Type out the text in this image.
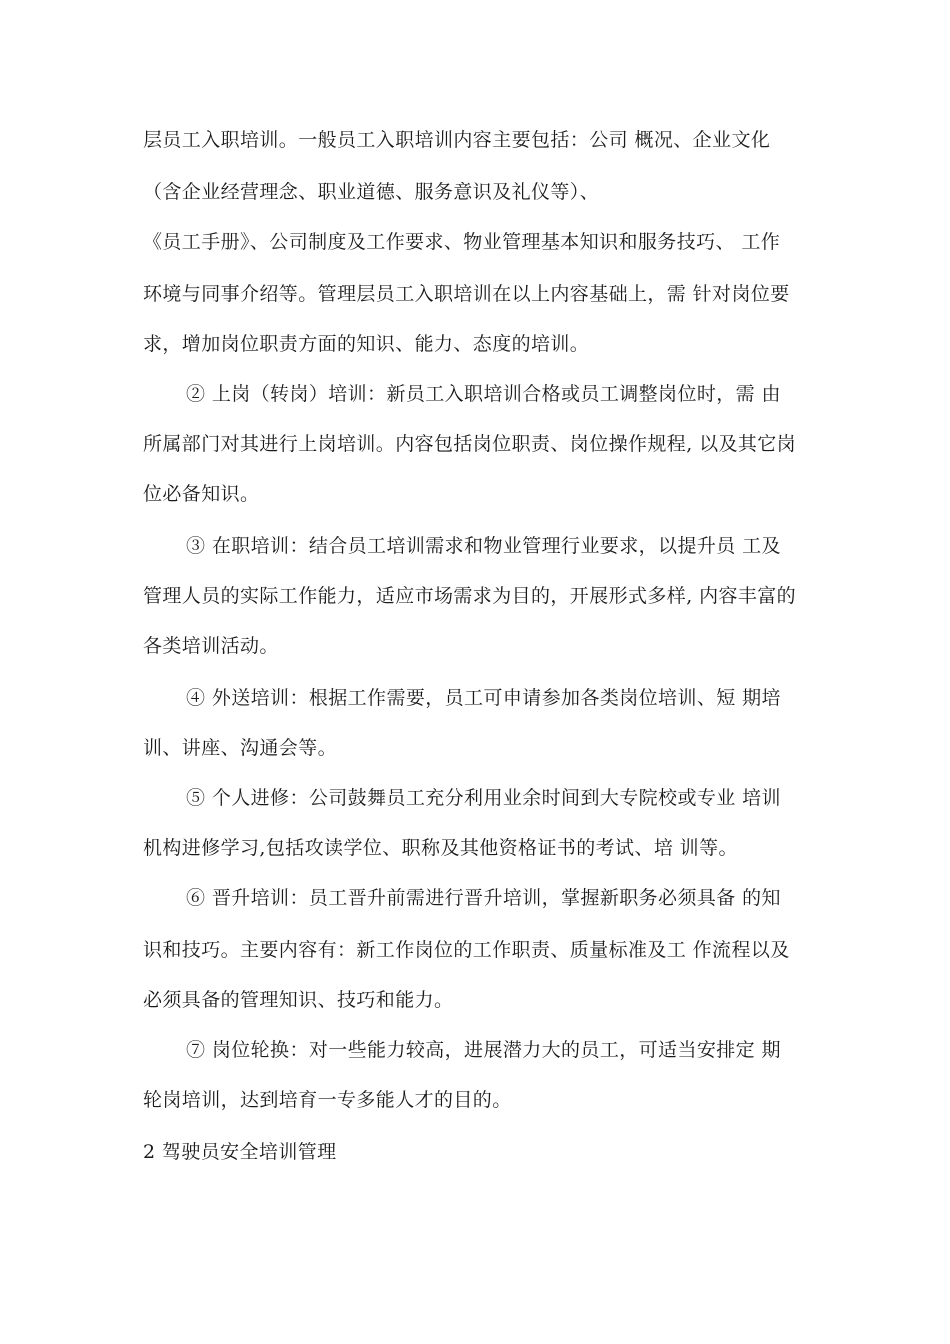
层员工入职培训。一般员工入职培训内容主要包括：公司 概况、企业文化
（含企业经营理念、职业道德、服务意识及礼仪等）、
《员工手册》、公司制度及工作要求、物业管理基本知识和服务技巧、 工作
环境与同事介绍等。管理层员工入职培训在以上内容基础上，需 针对岗位要
求，增加岗位职责方面的知识、能力、态度的培训。
② 上岗（转岗）培训：新员工入职培训合格或员工调整岗位时，需 由
所属部门对其进行上岗培训。内容包括岗位职责、岗位操作规程, 以及其它岗
位必备知识。
③ 在职培训：结合员工培训需求和物业管理行业要求，以提升员 工及
管理人员的实际工作能力，适应市场需求为目的，开展形式多样, 内容丰富的
各类培训活动。
④ 外送培训：根据工作需要，员工可申请参加各类岗位培训、短 期培
训、讲座、沟通会等。
⑤ 个人进修：公司鼓舞员工充分利用业余时间到大专院校或专业 培训
机构进修学习,包括攻读学位、职称及其他资格证书的考试、培 训等。
⑥ 晋升培训：员工晋升前需进行晋升培训，掌握新职务必须具备 的知
识和技巧。主要内容有：新工作岗位的工作职责、质量标准及工 作流程以及
必须具备的管理知识、技巧和能力。
⑦ 岗位轮换：对一些能力较高，进展潜力大的员工，可适当安排定 期
轮岗培训，达到培育一专多能人才的目的。
2 驾驶员安全培训管理
